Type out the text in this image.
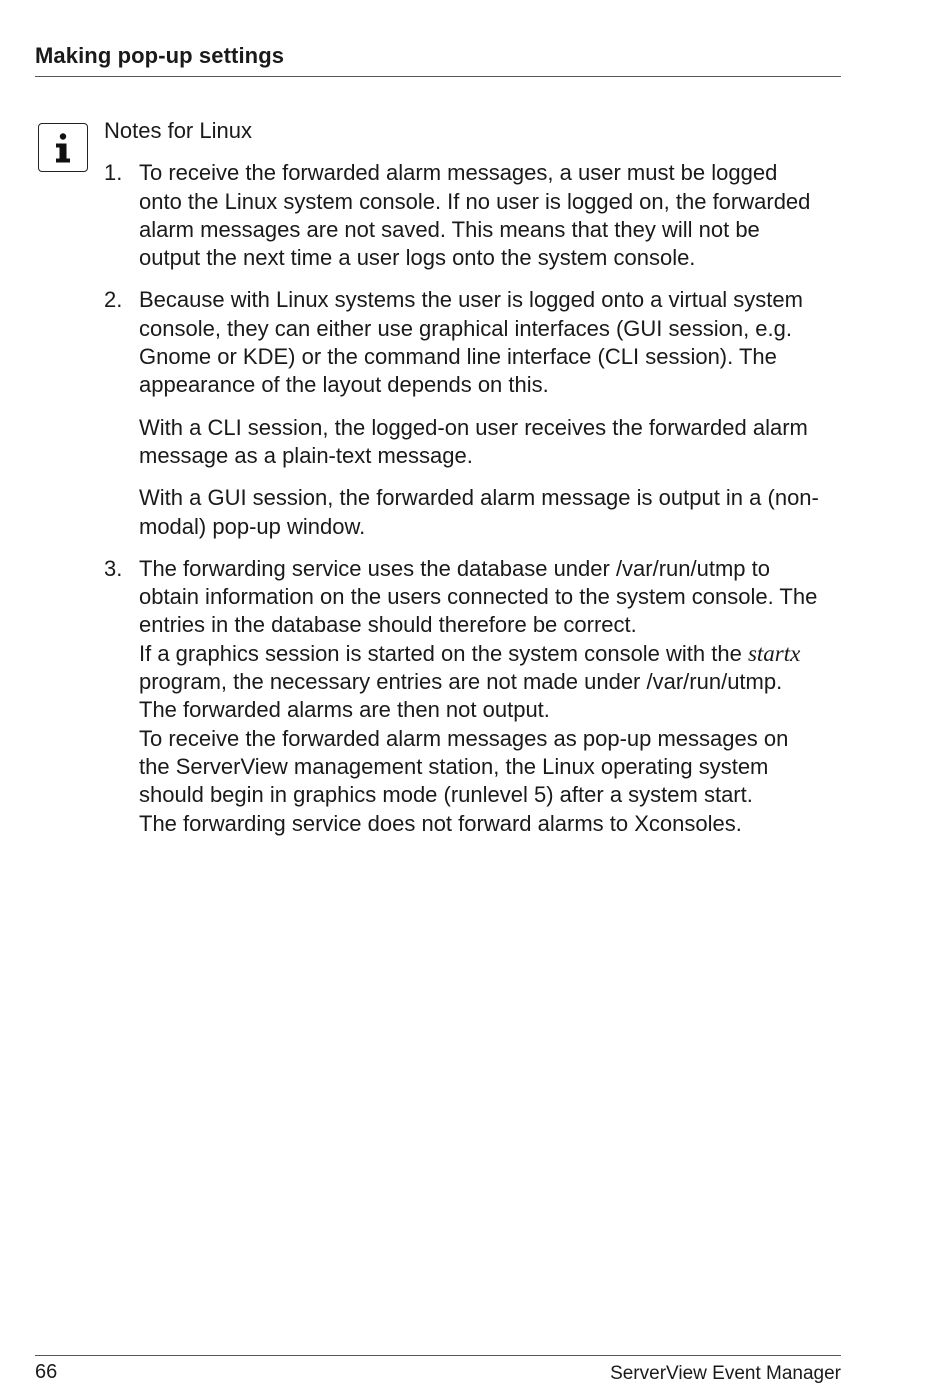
Making pop-up settings
Notes for Linux
1. To receive the forwarded alarm messages, a user must be logged
onto the Linux system console. If no user is logged on, the forwarded
alarm messages are not saved. This means that they will not be
output the next time a user logs onto the system console.

2. Because with Linux systems the user is logged onto a virtual system
console, they can either use graphical interfaces (GUI session, e.g.
Gnome or KDE) or the command line interface (CLI session). The
appearance of the layout depends on this.

With a CLI session, the logged-on user receives the forwarded alarm
message as a plain-text message.

With a GUI session, the forwarded alarm message is output in a (non-
modal) pop-up window.

3. The forwarding service uses the database under /var/run/utmp to
obtain information on the users connected to the system console. The
entries in the database should therefore be correct.
If a graphics session is started on the system console with the startx
program, the necessary entries are not made under /var/run/utmp.
The forwarded alarms are then not output.
To receive the forwarded alarm messages as pop-up messages on
the ServerView management station, the Linux operating system
should begin in graphics mode (runlevel 5) after a system start.
The forwarding service does not forward alarms to Xconsoles.

66	ServerView Event Manager
